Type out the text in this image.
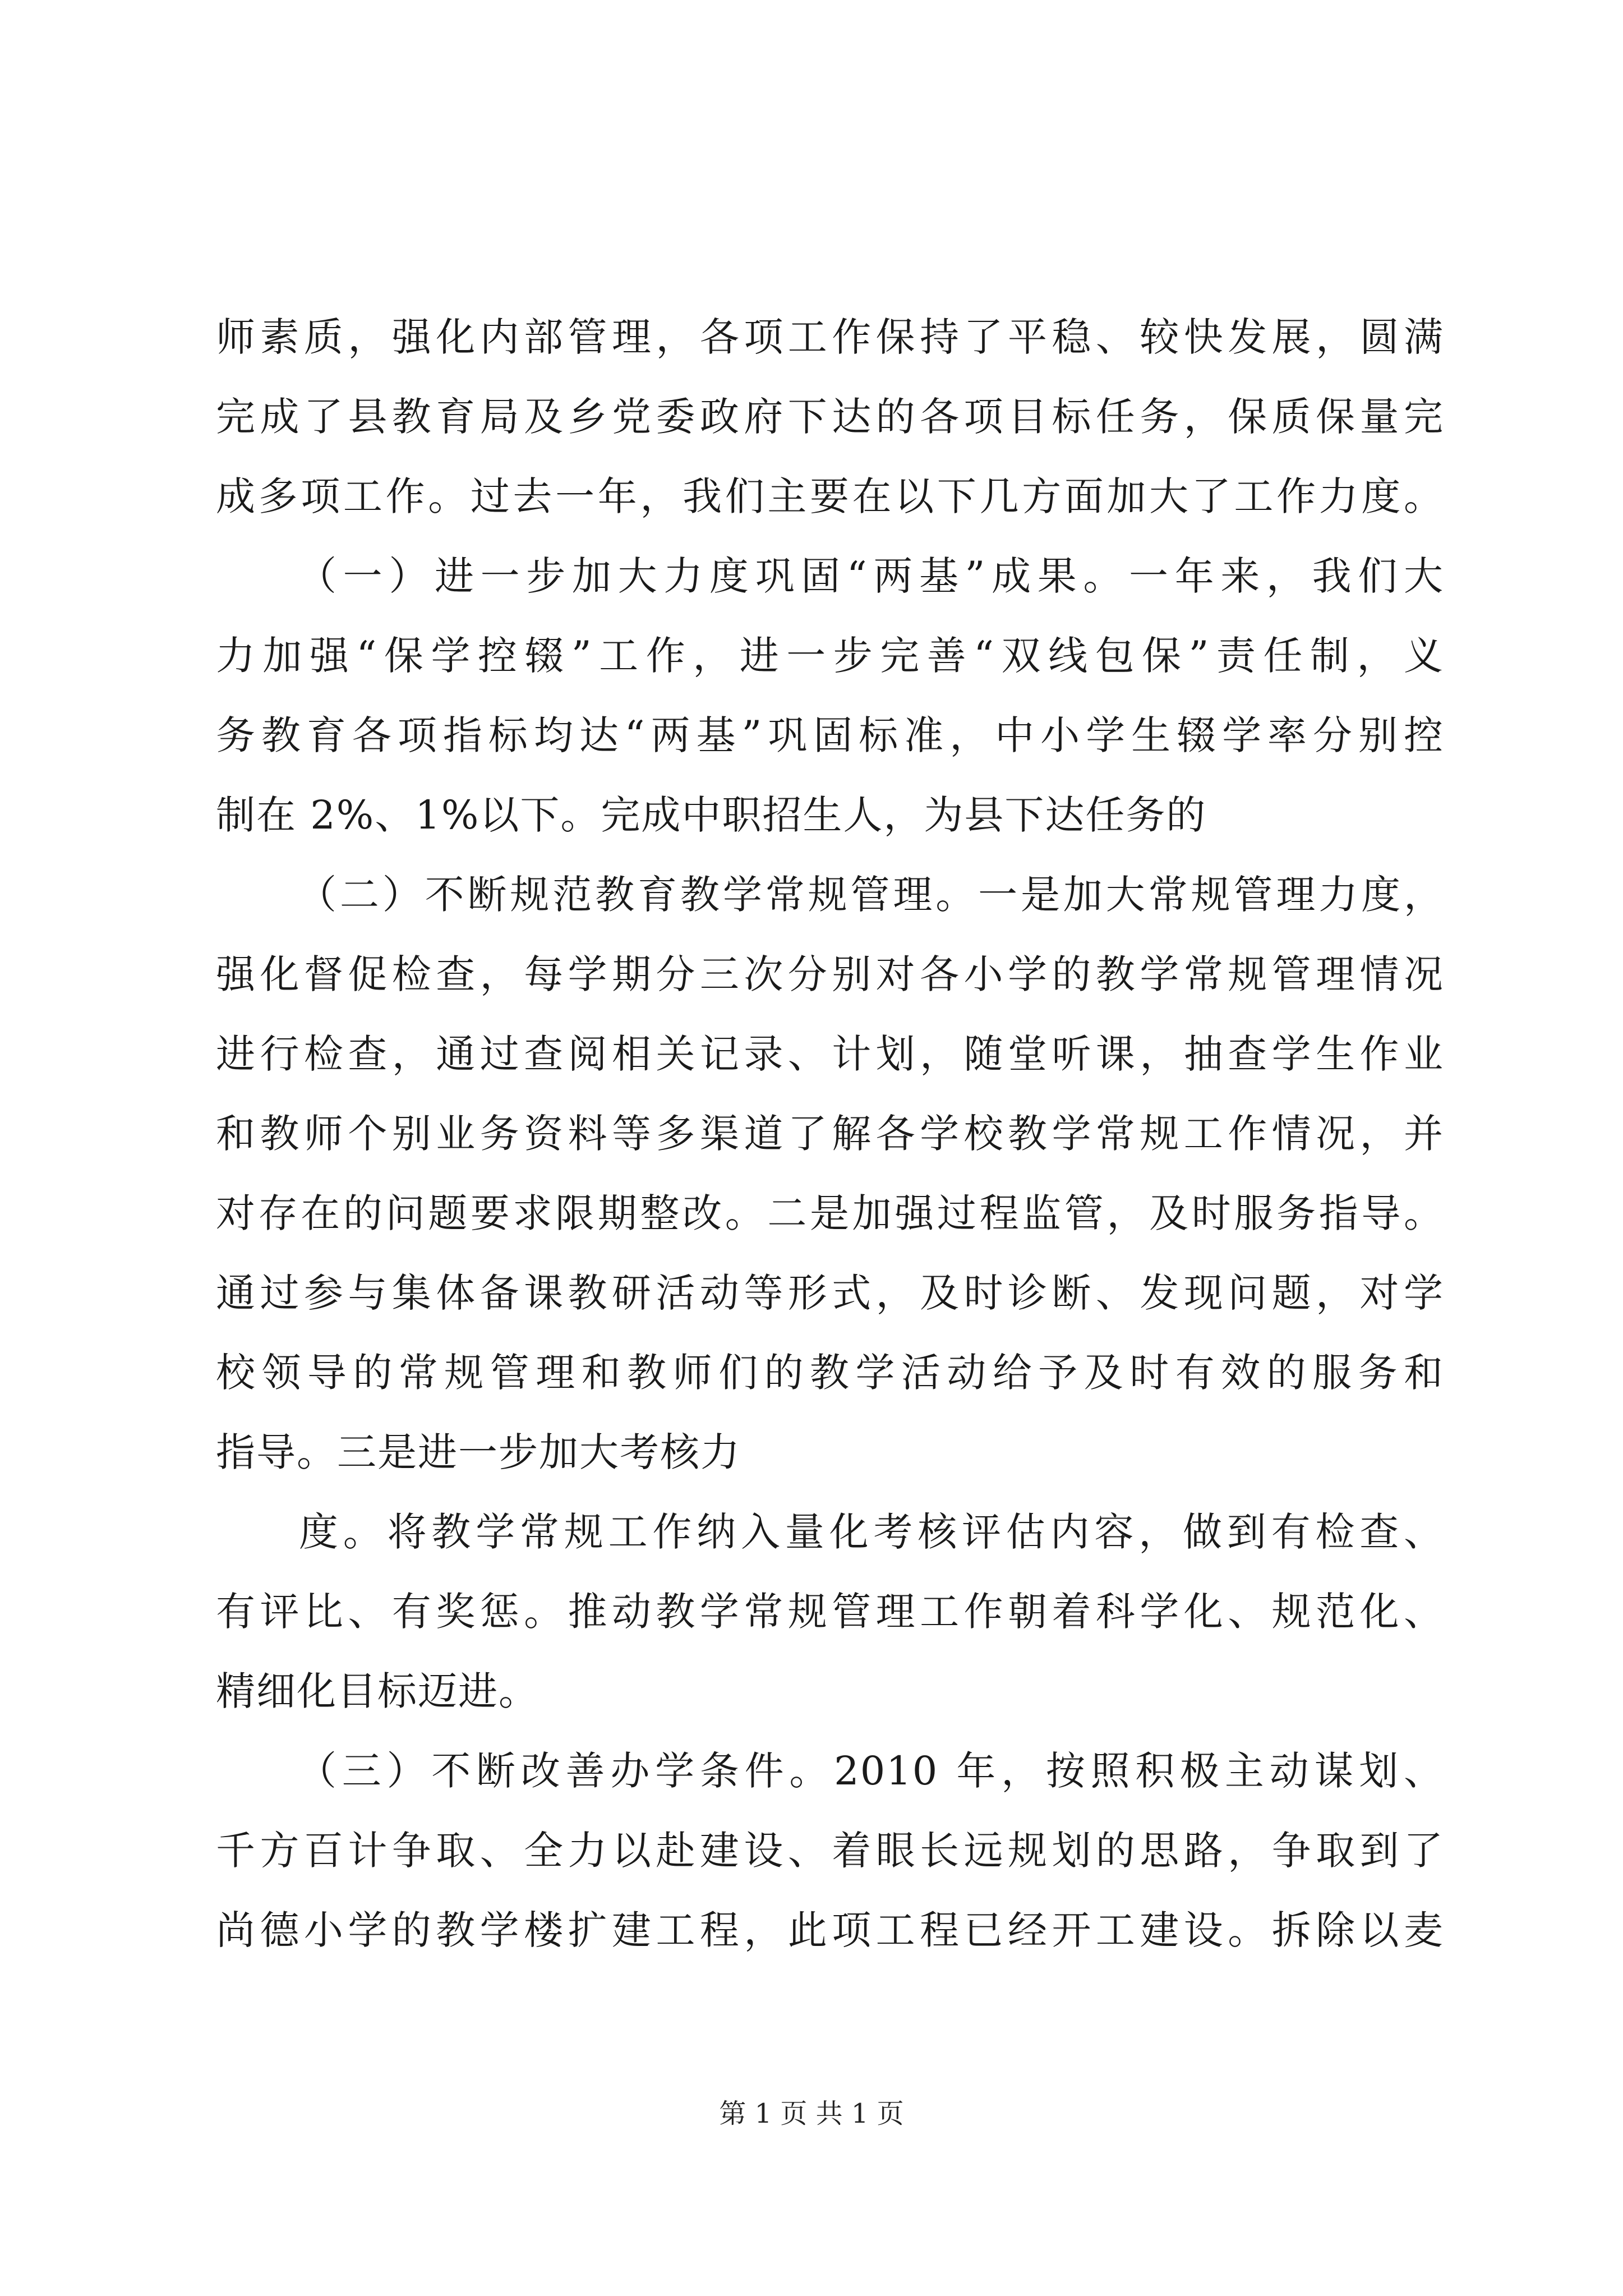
师素质，强化内部管理，各项工作保持了平稳、较快发展，圆满
完成了县教育局及乡党委政府下达的各项目标任务，保质保量完
成多项工作。过去一年，我们主要在以下几方面加大了工作力度。
（一）进一步加大力度巩固“两基”成果。一年来，我们大
力加强“保学控辍”工作，进一步完善“双线包保”责任制，义
务教育各项指标均达“两基”巩固标准，中小学生辍学率分别控
制在 2%、1%以下。完成中职招生人，为县下达任务的
（二）不断规范教育教学常规管理。一是加大常规管理力度，
强化督促检查，每学期分三次分别对各小学的教学常规管理情况
进行检查，通过查阅相关记录、计划，随堂听课，抽查学生作业
和教师个别业务资料等多渠道了解各学校教学常规工作情况，并
对存在的问题要求限期整改。二是加强过程监管，及时服务指导。
通过参与集体备课教研活动等形式，及时诊断、发现问题，对学
校领导的常规管理和教师们的教学活动给予及时有效的服务和
指导。三是进一步加大考核力
度。将教学常规工作纳入量化考核评估内容，做到有检查、
有评比、有奖惩。推动教学常规管理工作朝着科学化、规范化、
精细化目标迈进。
（三）不断改善办学条件。2010 年，按照积极主动谋划、
千方百计争取、全力以赴建设、着眼长远规划的思路，争取到了
尚德小学的教学楼扩建工程，此项工程已经开工建设。拆除以麦
第 1 页 共 1 页
